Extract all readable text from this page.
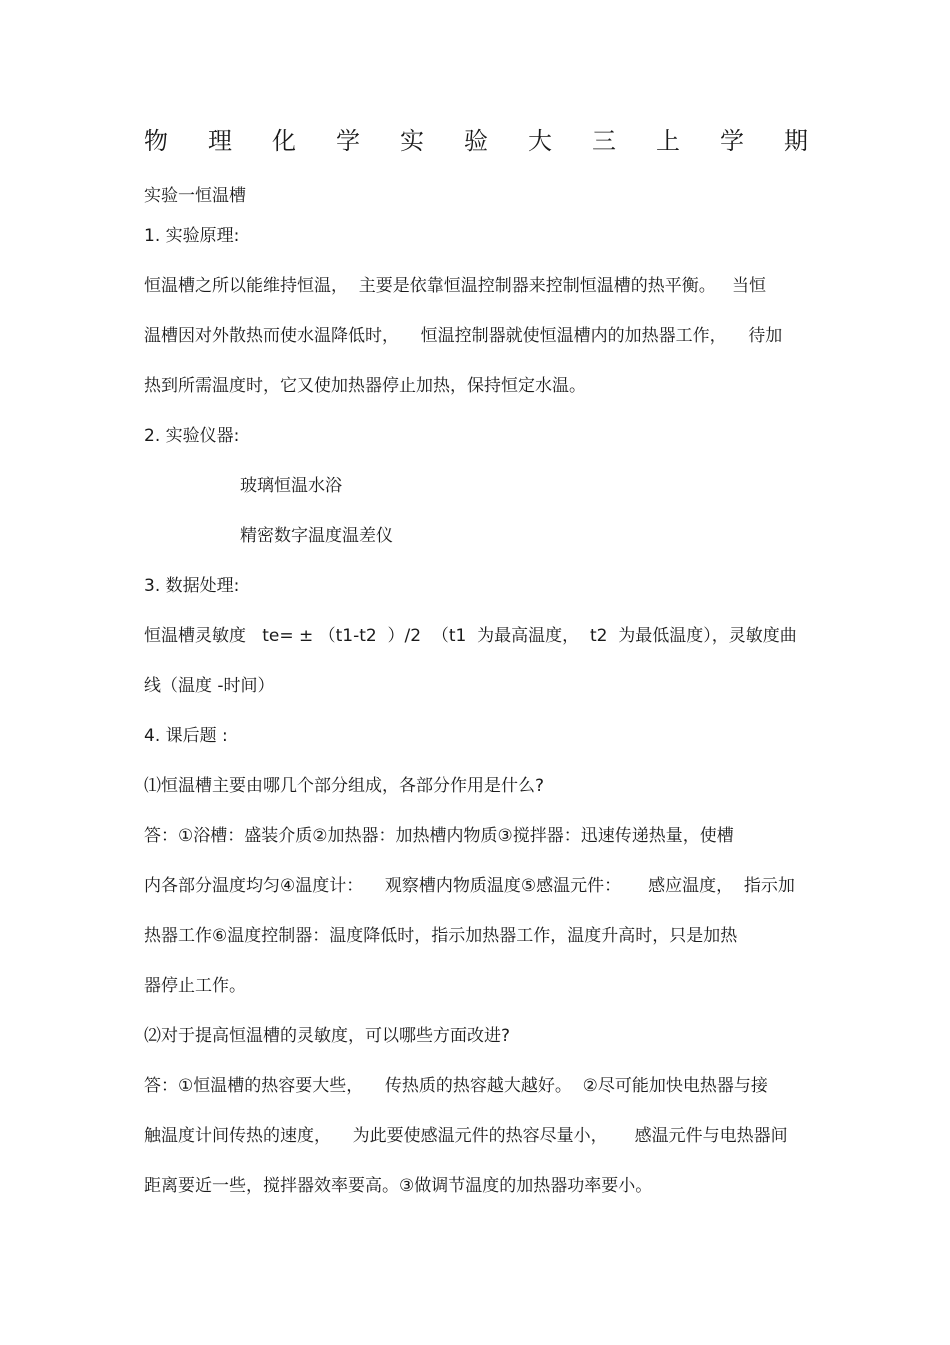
物 理 化 学 实 验 大 三 上 学 期
实验一恒温槽
1. 实验原理:
恒温槽之所以能维持恒温，  主要是依靠恒温控制器来控制恒温槽的热平衡。   当恒
温槽因对外散热而使水温降低时，    恒温控制器就使恒温槽内的加热器工作，    待加
热到所需温度时，它又使加热器停止加热，保持恒定水温。
2. 实验仪器:
玻璃恒温水浴
精密数字温度温差仪
3. 数据处理:
恒温槽灵敏度   te= ± （t1-t2  ）/2  （t1  为最高温度，  t2  为最低温度），灵敏度曲
线（温度 -时间）
4. 课后题 :
⑴恒温槽主要由哪几个部分组成，各部分作用是什么?
答：①浴槽：盛装介质②加热器：加热槽内物质③搅拌器：迅速传递热量，使槽
内各部分温度均匀④温度计：    观察槽内物质温度⑤感温元件：     感应温度，  指示加
热器工作⑥温度控制器：温度降低时，指示加热器工作，温度升高时，只是加热
器停止工作。
⑵对于提高恒温槽的灵敏度，可以哪些方面改进?
答：①恒温槽的热容要大些，    传热质的热容越大越好。  ②尽可能加快电热器与接
触温度计间传热的速度，    为此要使感温元件的热容尽量小，     感温元件与电热器间
距离要近一些，搅拌器效率要高。③做调节温度的加热器功率要小。
